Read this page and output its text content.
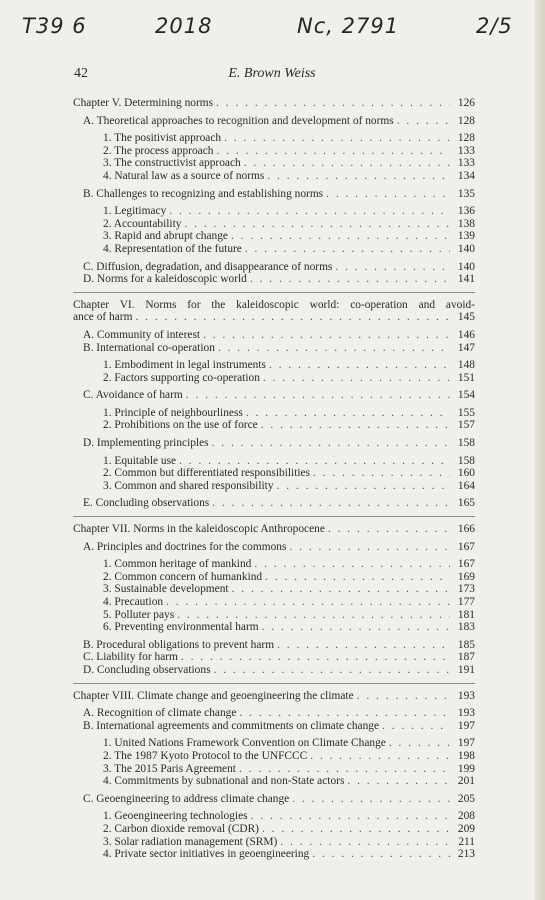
T39 6	2018	Nc, 2791	2/5
42	E. Brown Weiss
Chapter V. Determining norms . . .	126
A. Theoretical approaches to recognition and development of norms . . .	128
1. The positivist approach . . .	128
2. The process approach . . .	133
3. The constructivist approach . . .	133
4. Natural law as a source of norms . . .	134
B. Challenges to recognizing and establishing norms . . .	135
1. Legitimacy . . .	136
2. Accountability . . .	138
3. Rapid and abrupt change . . .	139
4. Representation of the future . . .	140
C. Diffusion, degradation, and disappearance of norms . . .	140
D. Norms for a kaleidoscopic world . . .	141
Chapter VI. Norms for the kaleidoscopic world: co-operation and avoid-
ance of harm . . .	145
A. Community of interest . . .	146
B. International co-operation . . .	147
1. Embodiment in legal instruments . . .	148
2. Factors supporting co-operation . . .	151
C. Avoidance of harm . . .	154
1. Principle of neighbourliness . . .	155
2. Prohibitions on the use of force . . .	157
D. Implementing principles . . .	158
1. Equitable use . . .	158
2. Common but differentiated responsibilities . . .	160
3. Common and shared responsibility . . .	164
E. Concluding observations . . .	165
Chapter VII. Norms in the kaleidoscopic Anthropocene . . .	166
A. Principles and doctrines for the commons . . .	167
1. Common heritage of mankind . . .	167
2. Common concern of humankind . . .	169
3. Sustainable development . . .	173
4. Precaution . . .	177
5. Polluter pays . . .	181
6. Preventing environmental harm . . .	183
B. Procedural obligations to prevent harm . . .	185
C. Liability for harm . . .	187
D. Concluding observations . . .	191
Chapter VIII. Climate change and geoengineering the climate . . .	193
A. Recognition of climate change . . .	193
B. International agreements and commitments on climate change . . .	197
1. United Nations Framework Convention on Climate Change . . .	197
2. The 1987 Kyoto Protocol to the UNFCCC . . .	198
3. The 2015 Paris Agreement . . .	199
4. Commitments by subnational and non-State actors . . .	201
C. Geoengineering to address climate change . . .	205
1. Geoengineering technologies . . .	208
2. Carbon dioxide removal (CDR) . . .	209
3. Solar radiation management (SRM) . . .	211
4. Private sector initiatives in geoengineering . . .	213
